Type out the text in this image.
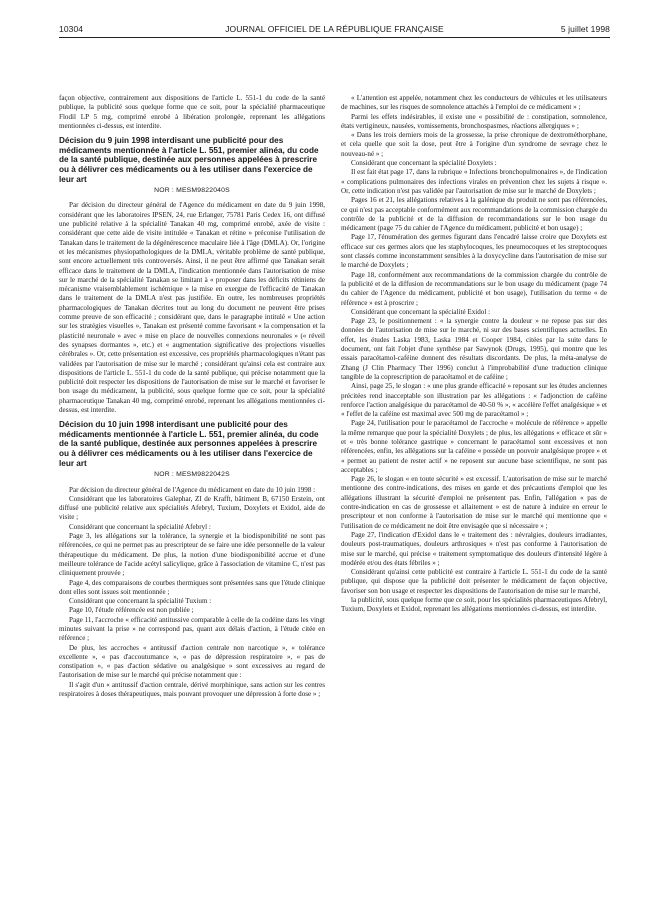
10304	JOURNAL OFFICIEL DE LA RÉPUBLIQUE FRANÇAISE	5 juillet 1998

façon objective, contrairement aux dispositions de l'article L. 551-1 du code de la santé publique, la publicité sous quelque forme que ce soit, pour la spécialité pharmaceutique Flodil LP 5 mg, comprimé enrobé à libération prolongée, reprenant les allégations mentionnées ci-dessus, est interdite.

Décision du 9 juin 1998 interdisant une publicité pour des médicaments mentionnée à l'article L. 551, premier alinéa, du code de la santé publique, destinée aux personnes appelées à prescrire ou à délivrer ces médicaments ou à les utiliser dans l'exercice de leur art
NOR : MESM9822040S

Par décision du directeur général de l'Agence du médicament en date du 9 juin 1998, considérant que les laboratoires IPSEN, 24, rue Erlanger, 75781 Paris Cedex 16, ont diffusé une publicité relative à la spécialité Tanakan 40 mg, comprimé enrobé, axée de visite : considérant que cette aide de visite intitulée « Tanakan et rétine » préconise l'utilisation de Tanakan dans le traitement de la dégénérescence maculaire liée à l'âge (DMLA). Or, l'origine et les mécanismes physiopathologiques de la DMLA, véritable problème de santé publique, sont encore actuellement très controversés. Ainsi, il ne peut être affirmé que Tanakan serait efficace dans le traitement de la DMLA, l'indication mentionnée dans l'autorisation de mise sur le marché de la spécialité Tanakan se limitant à « proposer dans les déficits rétiniens de mécanisme vraisemblablement ischémique » la mise en exergue de l'efficacité de Tanakan dans le traitement de la DMLA n'est pas justifiée. En outre, les nombreuses propriétés pharmacologiques de Tanakan décrites tout au long du document ne peuvent être prises comme preuve de son efficacité ; considérant que, dans le paragraphe intitulé « Une action sur les stratégies visuelles », Tanakan est présenté comme favorisant « la compensation et la plasticité neuronale » avec « mise en place de nouvelles connexions neuronales » (« réveil des synapses dormantes », etc.) et « augmentation significative des projections visuelles cérébrales ». Or, cette présentation est excessive, ces propriétés pharmacologiques n'étant pas validées par l'autorisation de mise sur le marché ; considérant qu'ainsi cela est contraire aux dispositions de l'article L. 551-1 du code de la santé publique, qui précise notamment que la publicité doit respecter les dispositions de l'autorisation de mise sur le marché et favoriser le bon usage du médicament, la publicité, sous quelque forme que ce soit, pour la spécialité pharmaceutique Tanakan 40 mg, comprimé enrobé, reprenant les allégations mentionnées ci-dessus, est interdite.

Décision du 10 juin 1998 interdisant une publicité pour des médicaments mentionnée à l'article L. 551, premier alinéa, du code de la santé publique, destinée aux personnes appelées à prescrire ou à délivrer ces médicaments ou à les utiliser dans l'exercice de leur art
NOR : MESM9822042S

Par décision du directeur général de l'Agence du médicament en date du 10 juin 1998 :

Considérant que les laboratoires Galephar, ZI de Krafft, bâtiment B, 67150 Erstein, ont diffusé une publicité relative aux spécialités Afebryl, Tuxium, Doxylets et Exidol, aide de visite ;

Considérant que concernant la spécialité Afebryl :

Page 3, les allégations sur la tolérance, la synergie et la biodisponibilité ne sont pas référencées, ce qui ne permet pas au prescripteur de se faire une idée personnelle de la valeur thérapeutique du médicament. De plus, la notion d'une biodisponibilité accrue et d'une meilleure tolérance de l'acide acétyl salicylique, grâce à l'association de vitamine C, n'est pas cliniquement prouvée ;

Page 4, des comparaisons de courbes thermiques sont présentées sans que l'étude clinique dont elles sont issues soit mentionnée ;

Considérant que concernant la spécialité Tuxium :

Page 10, l'étude référencée est non publiée ;

Page 11, l'accroche « efficacité antitussive comparable à celle de la codéine dans les vingt minutes suivant la prise » ne correspond pas, quant aux délais d'action, à l'étude citée en référence ;

De plus, les accroches « antitussif d'action centrale non narcotique », « tolérance excellente », « pas d'accoutumance », « pas de dépression respiratoire », « pas de constipation », « pas d'action sédative ou analgésique » sont excessives au regard de l'autorisation de mise sur le marché qui précise notamment que :

Il s'agit d'un « antitussif d'action centrale, dérivé morphinique, sans action sur les centres respiratoires à doses thérapeutiques, mais pouvant provoquer une dépression à forte dose » ;

« L'attention est appelée, notamment chez les conducteurs de véhicules et les utilisateurs de machines, sur les risques de somnolence attachés à l'emploi de ce médicament » ;

Parmi les effets indésirables, il existe une « possibilité de : constipation, somnolence, états vertigineux, nausées, vomissements, bronchospasmes, réactions allergiques » ;

« Dans les trois derniers mois de la grossesse, la prise chronique de dextrométhorphane, et cela quelle que soit la dose, peut être à l'origine d'un syndrome de sevrage chez le nouveau-né » ;

Considérant que concernant la spécialité Doxylets :

Il est fait état page 17, dans la rubrique « Infections bronchopulmonaires », de l'indication « complications pulmonaires des infections virales en prévention chez les sujets à risque ». Or, cette indication n'est pas validée par l'autorisation de mise sur le marché de Doxylets ;

Pages 16 et 21, les allégations relatives à la galénique du produit ne sont pas référencées, ce qui n'est pas acceptable conformément aux recommandations de la commission chargée du contrôle de la publicité et de la diffusion de recommandations sur le bon usage du médicament (page 75 du cahier de l'Agence du médicament, publicité et bon usage) ;

Page 17, l'énumération des germes figurant dans l'encadré laisse croire que Doxylets est efficace sur ces germes alors que les staphylocoques, les pneumocoques et les streptocoques sont classés comme inconstamment sensibles à la doxycycline dans l'autorisation de mise sur le marché de Doxylets ;

Page 18, conformément aux recommandations de la commission chargée du contrôle de la publicité et de la diffusion de recommandations sur le bon usage du médicament (page 74 du cahier de l'Agence du médicament, publicité et bon usage), l'utilisation du terme « de référence » est à proscrire ;

Considérant que concernant la spécialité Exidol :

Page 23, le positionnement : « la synergie contre la douleur » ne repose pas sur des données de l'autorisation de mise sur le marché, ni sur des bases scientifiques actuelles. En effet, les études Laska 1983, Laska 1984 et Cooper 1984, citées par la suite dans le document, ont fait l'objet d'une synthèse par Sawynok (Drugs, 1995), qui montre que les essais paracétamol-caféine donnent des résultats discordants. De plus, la méta-analyse de Zhang (J Clin Pharmacy Ther 1996) conclut à l'improbabilité d'une traduction clinique tangible de la coprescription de paracétamol et de caféine ;

Ainsi, page 25, le slogan : « une plus grande efficacité » reposant sur les études anciennes précitées rend inacceptable son illustration par les allégations : « l'adjonction de caféine renforce l'action analgésique du paracétamol de 40-50 % », « accélère l'effet analgésique » et « l'effet de la caféine est maximal avec 500 mg de paracétamol » ;

Page 24, l'utilisation pour le paracétamol de l'accroche « molécule de référence » appelle la même remarque que pour la spécialité Doxylets ; de plus, les allégations « efficace et sûr » et « très bonne tolérance gastrique » concernant le paracétamol sont excessives et non référencées, enfin, les allégations sur la caféine « possède un pouvoir analgésique propre » et « permet au patient de rester actif » ne reposent sur aucune base scientifique, ne sont pas acceptables ;

Page 26, le slogan « en toute sécurité » est excessif. L'autorisation de mise sur le marché mentionne des contre-indications, des mises en garde et des précautions d'emploi que les allégations illustrant la sécurité d'emploi ne présentent pas. Enfin, l'allégation « pas de contre-indication en cas de grossesse et allaitement » est de nature à induire en erreur le prescripteur et non conforme à l'autorisation de mise sur le marché qui mentionne que « l'utilisation de ce médicament ne doit être envisagée que si nécessaire » ;

Page 27, l'indication d'Exidol dans le « traitement des : névralgies, douleurs irradiantes, douleurs post-traumatiques, douleurs arthrosiques » n'est pas conforme à l'autorisation de mise sur le marché, qui précise « traitement symptomatique des douleurs d'intensité légère à modérée et/ou des états fébriles » ;

Considérant qu'ainsi cette publicité est contraire à l'article L. 551-1 du code de la santé publique, qui dispose que la publicité doit présenter le médicament de façon objective, favoriser son bon usage et respecter les dispositions de l'autorisation de mise sur le marché,

la publicité, sous quelque forme que ce soit, pour les spécialités pharmaceutiques Afebryl, Tuxium, Doxylets et Exidol, reprenant les allégations mentionnées ci-dessus, est interdite.
